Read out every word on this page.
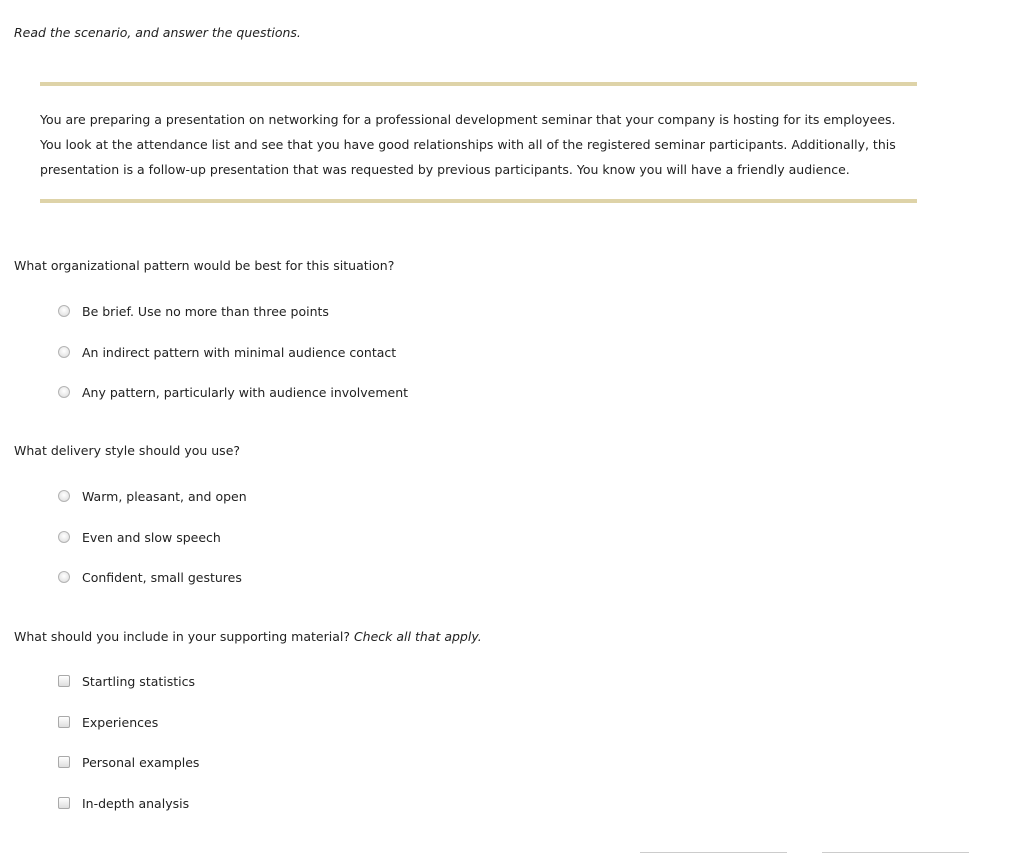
Read the scenario, and answer the questions.
You are preparing a presentation on networking for a professional development seminar that your company is hosting for its employees. You look at the attendance list and see that you have good relationships with all of the registered seminar participants. Additionally, this presentation is a follow-up presentation that was requested by previous participants. You know you will have a friendly audience.
What organizational pattern would be best for this situation?
Be brief. Use no more than three points
An indirect pattern with minimal audience contact
Any pattern, particularly with audience involvement
What delivery style should you use?
Warm, pleasant, and open
Even and slow speech
Confident, small gestures
What should you include in your supporting material? Check all that apply.
Startling statistics
Experiences
Personal examples
In-depth analysis
